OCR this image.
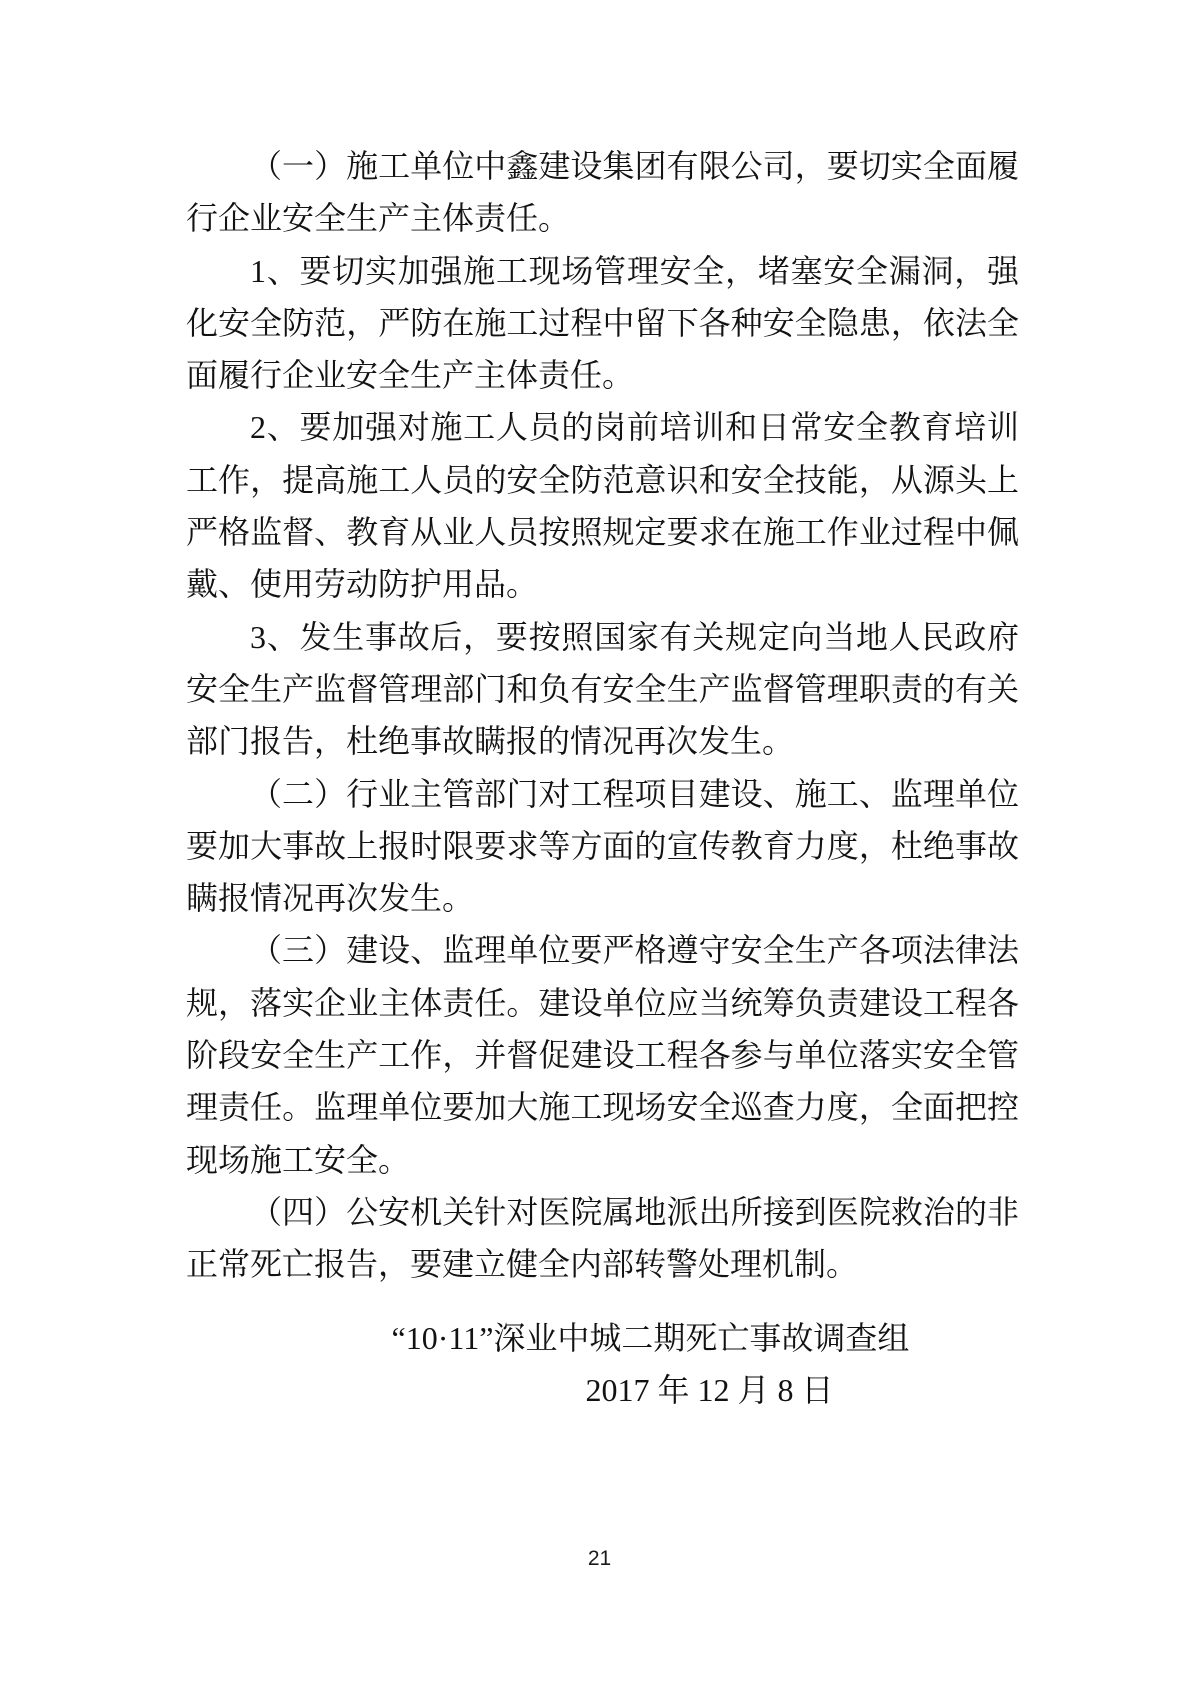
（一）施工单位中鑫建设集团有限公司，要切实全面履行企业安全生产主体责任。

1、要切实加强施工现场管理安全，堵塞安全漏洞，强化安全防范，严防在施工过程中留下各种安全隐患，依法全面履行企业安全生产主体责任。

2、要加强对施工人员的岗前培训和日常安全教育培训工作，提高施工人员的安全防范意识和安全技能，从源头上严格监督、教育从业人员按照规定要求在施工作业过程中佩戴、使用劳动防护用品。

3、发生事故后，要按照国家有关规定向当地人民政府安全生产监督管理部门和负有安全生产监督管理职责的有关部门报告，杜绝事故瞒报的情况再次发生。

（二）行业主管部门对工程项目建设、施工、监理单位要加大事故上报时限要求等方面的宣传教育力度，杜绝事故瞒报情况再次发生。

（三）建设、监理单位要严格遵守安全生产各项法律法规，落实企业主体责任。建设单位应当统筹负责建设工程各阶段安全生产工作，并督促建设工程各参与单位落实安全管理责任。监理单位要加大施工现场安全巡查力度，全面把控现场施工安全。

（四）公安机关针对医院属地派出所接到医院救治的非正常死亡报告，要建立健全内部转警处理机制。

“10·11”深业中城二期死亡事故调查组
2017 年 12 月 8 日
21
